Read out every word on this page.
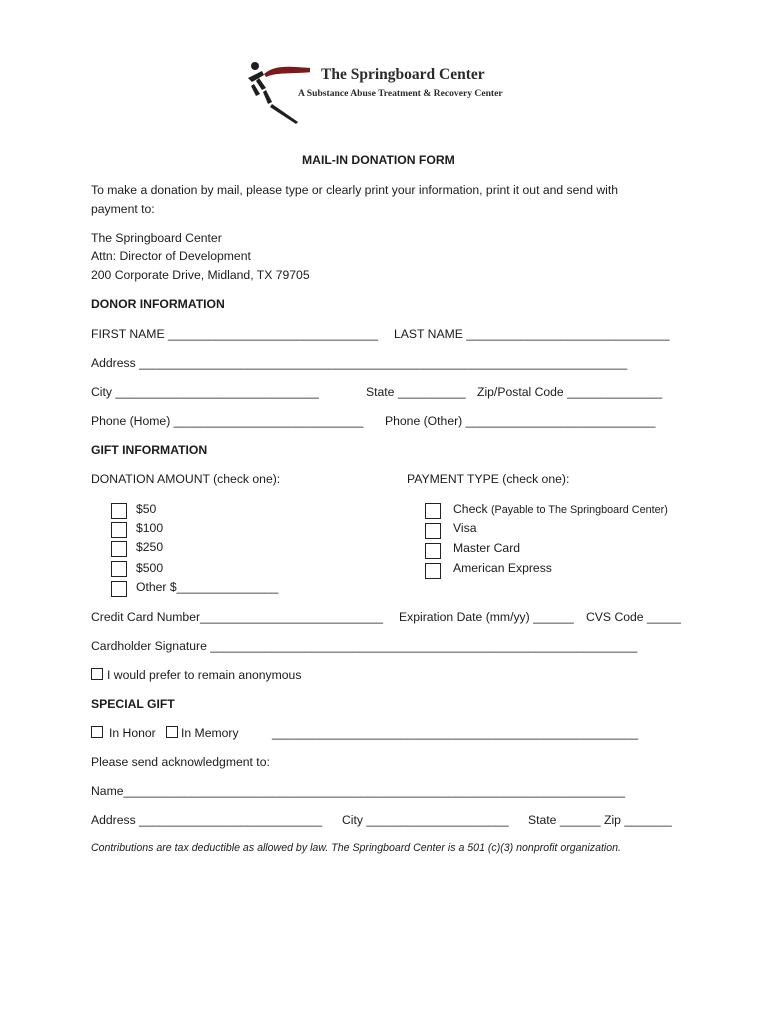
The Springboard Center
A Substance Abuse Treatment & Recovery Center
MAIL-IN DONATION FORM
To make a donation by mail, please type or clearly print your information, print it out and send with
payment to:
The Springboard Center
Attn: Director of Development
200 Corporate Drive, Midland, TX 79705
DONOR INFORMATION
FIRST NAME _______________________________ LAST NAME ______________________________
Address ________________________________________________________________________
City ______________________________	State __________ Zip/Postal Code ______________
Phone (Home) ____________________________ Phone (Other) ____________________________
GIFT INFORMATION
DONATION AMOUNT (check one):	PAYMENT TYPE (check one):
$50
$100
$250
$500
Other $_______________
Check (Payable to The Springboard Center)
Visa
Master Card
American Express
Credit Card Number___________________________ Expiration Date (mm/yy) ______ CVS Code _____
Cardholder Signature _______________________________________________________________
I would prefer to remain anonymous
SPECIAL GIFT
In Honor In Memory	______________________________________________________
Please send acknowledgment to:
Name__________________________________________________________________________
Address ___________________________ City _____________________ State ______ Zip _______
Contributions are tax deductible as allowed by law. The Springboard Center is a 501 (c)(3) nonprofit organization.
